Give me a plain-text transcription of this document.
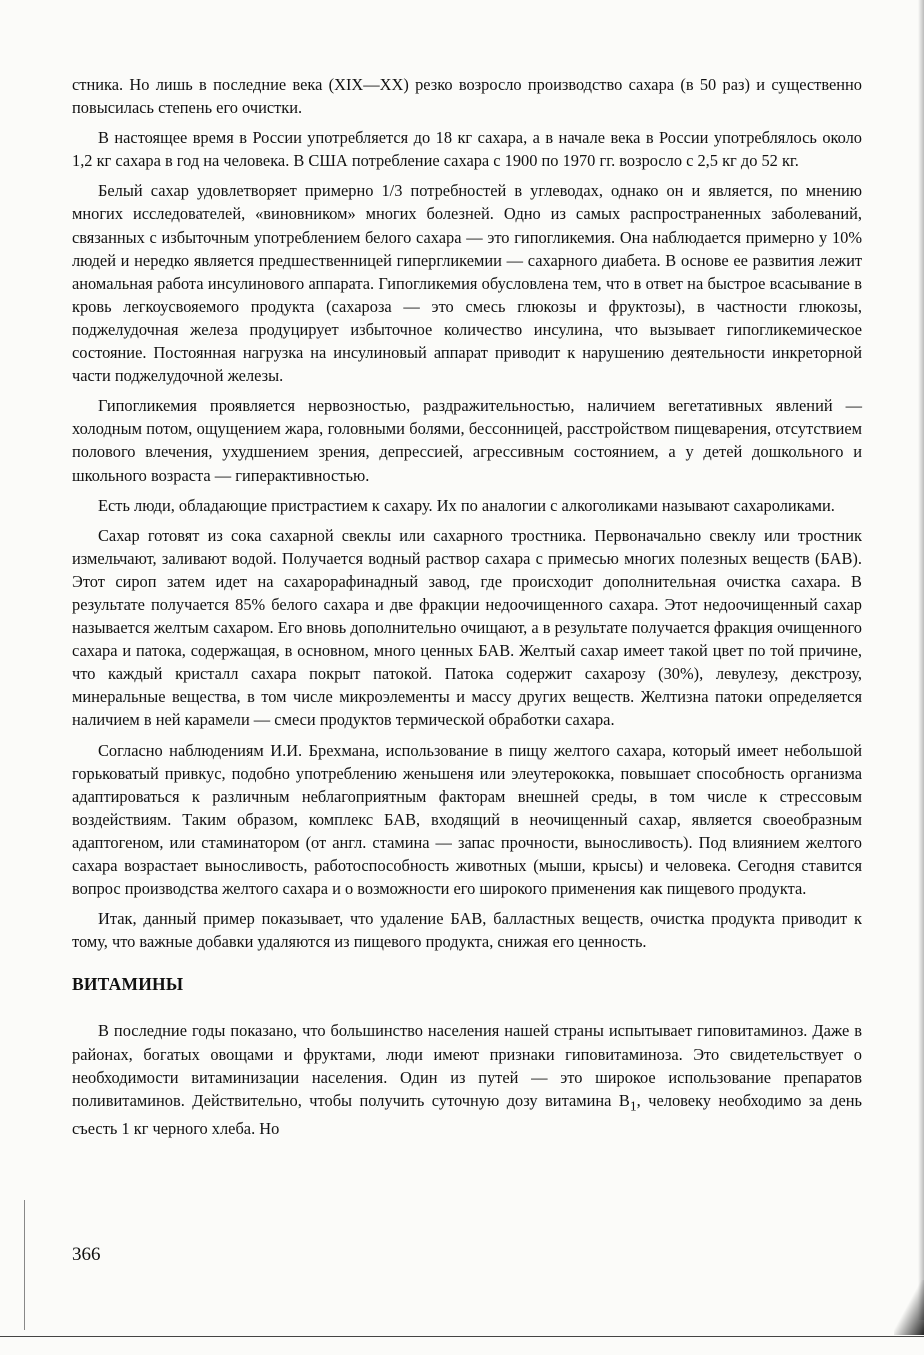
стника. Но лишь в последние века (XIX—XX) резко возросло производство сахара (в 50 раз) и существенно повысилась степень его очистки.

В настоящее время в России употребляется до 18 кг сахара, а в начале века в России употреблялось около 1,2 кг сахара в год на человека. В США потребление сахара с 1900 по 1970 гг. возросло с 2,5 кг до 52 кг.

Белый сахар удовлетворяет примерно 1/3 потребностей в углеводах, однако он и является, по мнению многих исследователей, «виновником» многих болезней. Одно из самых распространенных заболеваний, связанных с избыточным употреблением белого сахара — это гипогликемия. Она наблюдается примерно у 10% людей и нередко является предшественницей гипергликемии — сахарного диабета. В основе ее развития лежит аномальная работа инсулинового аппарата. Гипогликемия обусловлена тем, что в ответ на быстрое всасывание в кровь легкоусвояемого продукта (сахароза — это смесь глюкозы и фруктозы), в частности глюкозы, поджелудочная железа продуцирует избыточное количество инсулина, что вызывает гипогликемическое состояние. Постоянная нагрузка на инсулиновый аппарат приводит к нарушению деятельности инкреторной части поджелудочной железы.

Гипогликемия проявляется нервозностью, раздражительностью, наличием вегетативных явлений — холодным потом, ощущением жара, головными болями, бессонницей, расстройством пищеварения, отсутствием полового влечения, ухудшением зрения, депрессией, агрессивным состоянием, а у детей дошкольного и школьного возраста — гиперактивностью.

Есть люди, обладающие пристрастием к сахару. Их по аналогии с алкоголиками называют сахароликами.

Сахар готовят из сока сахарной свеклы или сахарного тростника. Первоначально свеклу или тростник измельчают, заливают водой. Получается водный раствор сахара с примесью многих полезных веществ (БАВ). Этот сироп затем идет на сахарорафинадный завод, где происходит дополнительная очистка сахара. В результате получается 85% белого сахара и две фракции недоочищенного сахара. Этот недоочищенный сахар называется желтым сахаром. Его вновь дополнительно очищают, а в результате получается фракция очищенного сахара и патока, содержащая, в основном, много ценных БАВ. Желтый сахар имеет такой цвет по той причине, что каждый кристалл сахара покрыт патокой. Патока содержит сахарозу (30%), левулезу, декстрозу, минеральные вещества, в том числе микроэлементы и массу других веществ. Желтизна патоки определяется наличием в ней карамели — смеси продуктов термической обработки сахара.

Согласно наблюдениям И.И. Брехмана, использование в пищу желтого сахара, который имеет небольшой горьковатый привкус, подобно употреблению женьшеня или элеутерококка, повышает способность организма адаптироваться к различным неблагоприятным факторам внешней среды, в том числе к стрессовым воздействиям. Таким образом, комплекс БАВ, входящий в неочищенный сахар, является своеобразным адаптогеном, или стаминатором (от англ. стамина — запас прочности, выносливость). Под влиянием желтого сахара возрастает выносливость, работоспособность животных (мыши, крысы) и человека. Сегодня ставится вопрос производства желтого сахара и о возможности его широкого применения как пищевого продукта.

Итак, данный пример показывает, что удаление БАВ, балластных веществ, очистка продукта приводит к тому, что важные добавки удаляются из пищевого продукта, снижая его ценность.

ВИТАМИНЫ

В последние годы показано, что большинство населения нашей страны испытывает гиповитаминоз. Даже в районах, богатых овощами и фруктами, люди имеют признаки гиповитаминоза. Это свидетельствует о необходимости витаминизации населения. Один из путей — это широкое использование препаратов поливитаминов. Действительно, чтобы получить суточную дозу витамина $B_1$, человеку необходимо за день съесть 1 кг черного хлеба. Но

366
